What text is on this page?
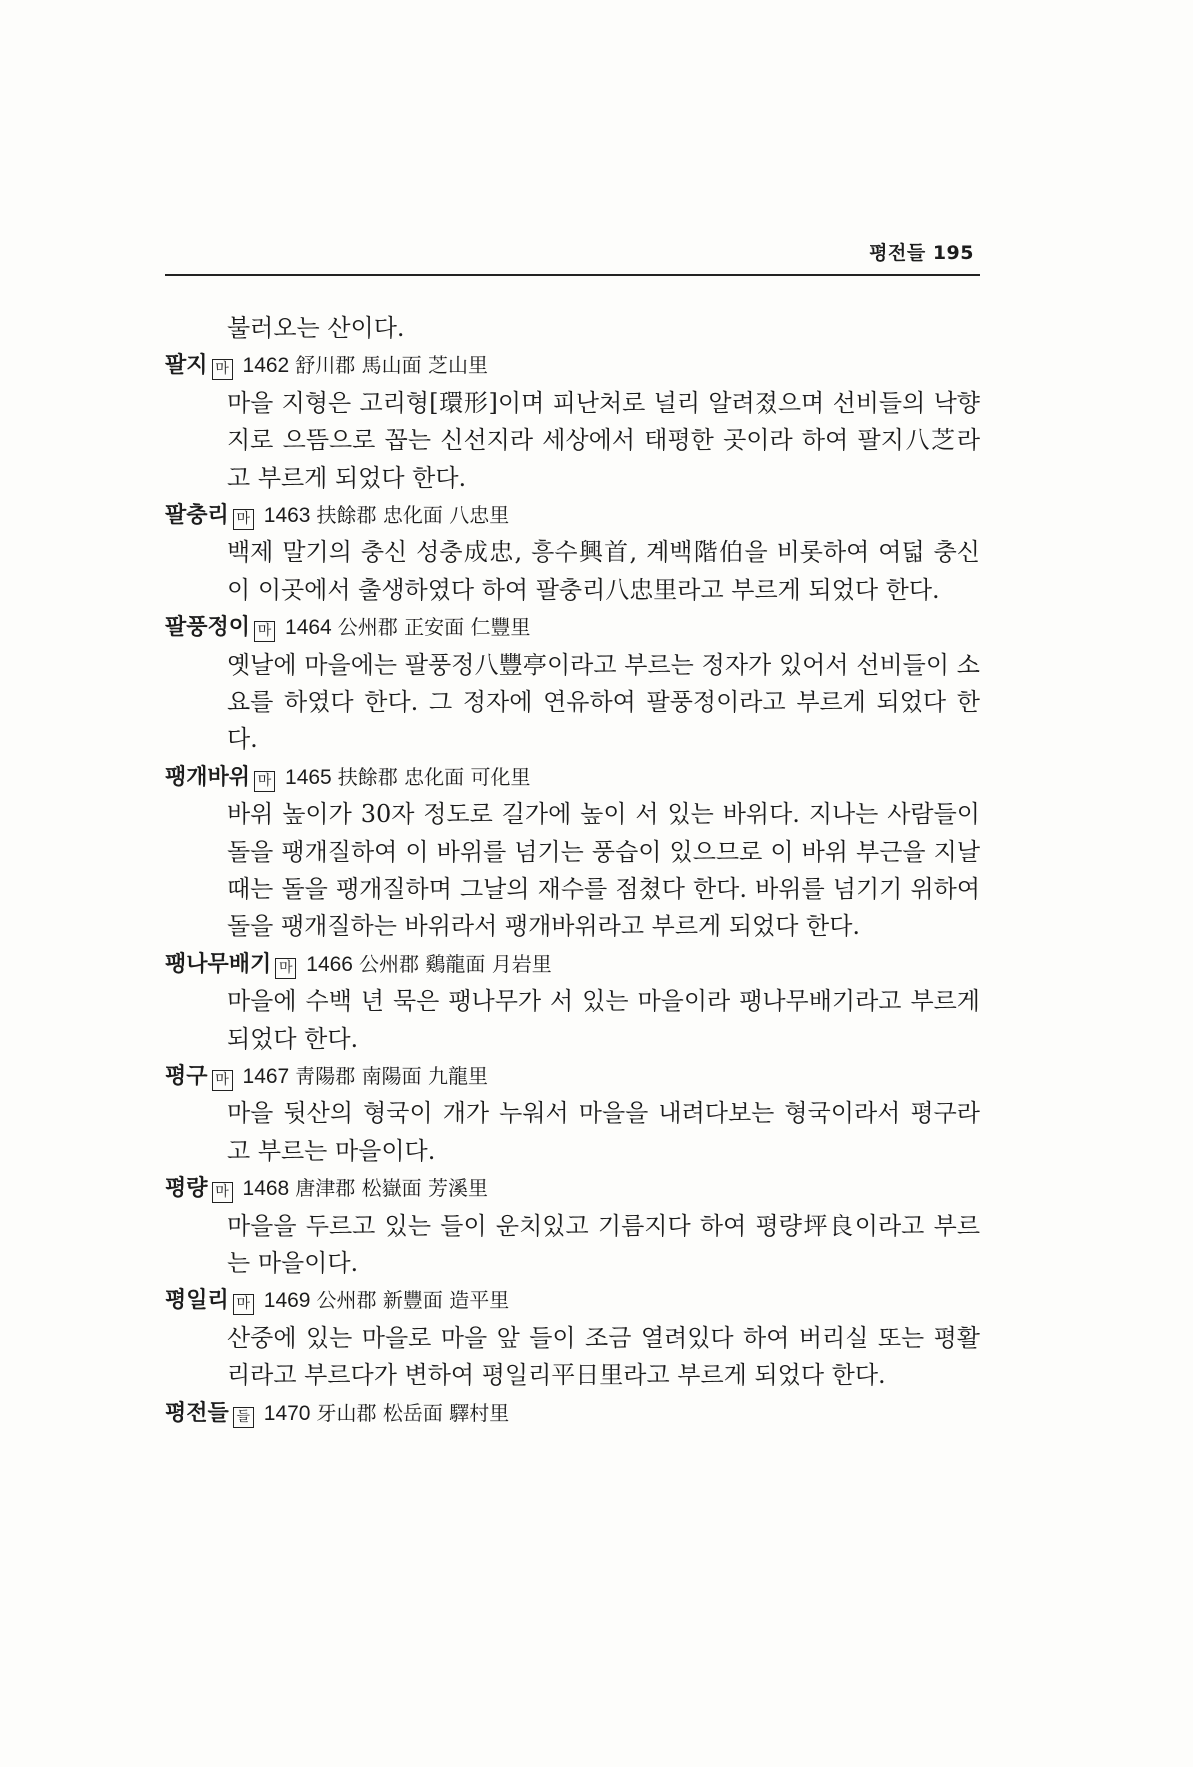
평전들 195

불러오는 산이다.

팔지 마 1462 舒川郡 馬山面 芝山里

마을 지형은 고리형[環形]이며 피난처로 널리 알려졌으며 선비들의 낙향지로 으뜸으로 꼽는 신선지라 세상에서 태평한 곳이라 하여 팔지八芝라고 부르게 되었다 한다.

팔충리 마 1463 扶餘郡 忠化面 八忠里

백제 말기의 충신 성충成忠, 흥수興首, 계백階伯을 비롯하여 여덟 충신이 이곳에서 출생하였다 하여 팔충리八忠里라고 부르게 되었다 한다.

팔풍정이 마 1464 公州郡 正安面 仁豐里

옛날에 마을에는 팔풍정八豐亭이라고 부르는 정자가 있어서 선비들이 소요를 하였다 한다. 그 정자에 연유하여 팔풍정이라고 부르게 되었다 한다.

팽개바위 마 1465 扶餘郡 忠化面 可化里

바위 높이가 30자 정도로 길가에 높이 서 있는 바위다. 지나는 사람들이 돌을 팽개질하여 이 바위를 넘기는 풍습이 있으므로 이 바위 부근을 지날 때는 돌을 팽개질하며 그날의 재수를 점쳤다 한다. 바위를 넘기기 위하여 돌을 팽개질하는 바위라서 팽개바위라고 부르게 되었다 한다.

팽나무배기 마 1466 公州郡 鷄龍面 月岩里

마을에 수백 년 묵은 팽나무가 서 있는 마을이라 팽나무배기라고 부르게 되었다 한다.

평구 마 1467 靑陽郡 南陽面 九龍里

마을 뒷산의 형국이 개가 누워서 마을을 내려다보는 형국이라서 평구라고 부르는 마을이다.

평량 마 1468 唐津郡 松嶽面 芳溪里

마을을 두르고 있는 들이 운치있고 기름지다 하여 평량坪良이라고 부르는 마을이다.

평일리 마 1469 公州郡 新豐面 造平里

산중에 있는 마을로 마을 앞 들이 조금 열려있다 하여 버리실 또는 평활리라고 부르다가 변하여 평일리平日里라고 부르게 되었다 한다.

평전들 들 1470 牙山郡 松岳面 驛村里
